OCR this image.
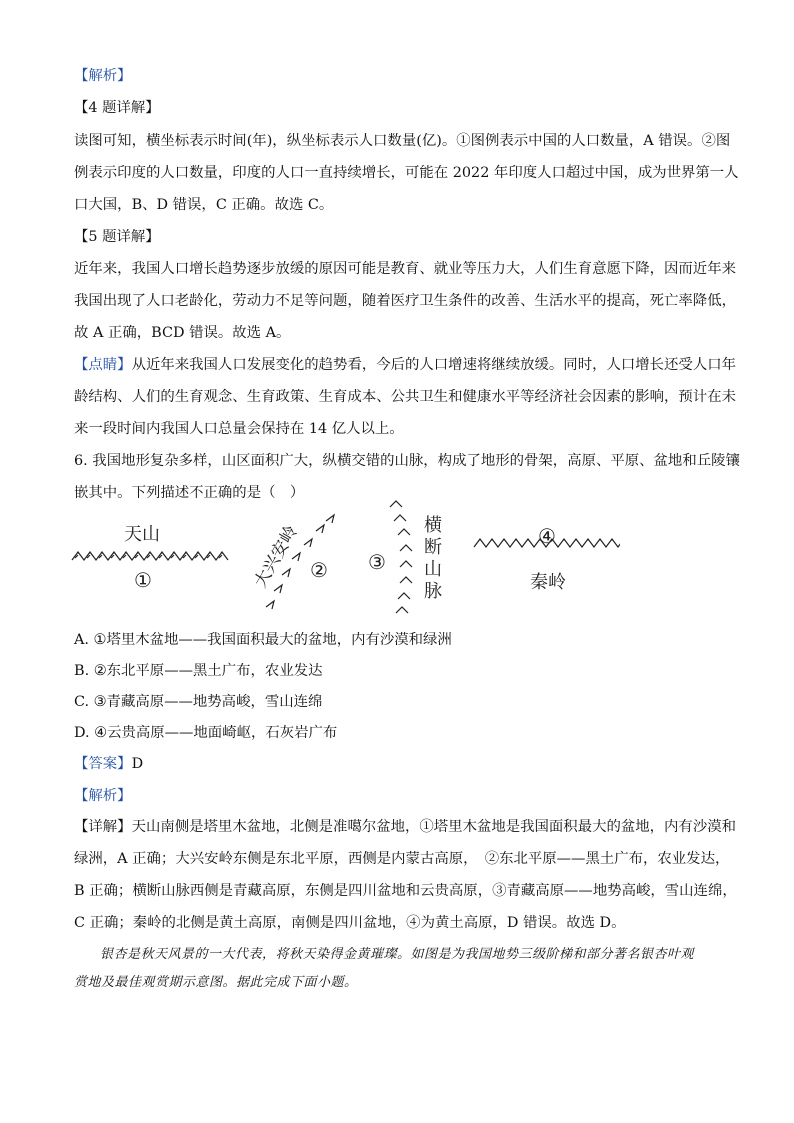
【解析】
【4 题详解】
读图可知，横坐标表示时间(年)，纵坐标表示人口数量(亿)。①图例表示中国的人口数量，A 错误。②图
例表示印度的人口数量，印度的人口一直持续增长，可能在 2022 年印度人口超过中国，成为世界第一人
口大国，B、D 错误，C 正确。故选 C。
【5 题详解】
近年来，我国人口增长趋势逐步放缓的原因可能是教育、就业等压力大，人们生育意愿下降，因而近年来
我国出现了人口老龄化，劳动力不足等问题，随着医疗卫生条件的改善、生活水平的提高，死亡率降低，
故 A 正确，BCD 错误。故选 A。
【点睛】从近年来我国人口发展变化的趋势看，今后的人口增速将继续放缓。同时，人口增长还受人口年
龄结构、人们的生育观念、生育政策、生育成本、公共卫生和健康水平等经济社会因素的影响，预计在未
来一段时间内我国人口总量会保持在 14 亿人以上。
6. 我国地形复杂多样，山区面积广大，纵横交错的山脉，构成了地形的骨架，高原、平原、盆地和丘陵镶
嵌其中。下列描述不正确的是（　）
天山
①	大兴安岭 ②
横
断
山
脉
③
④
秦岭
A. ①塔里木盆地——我国面积最大的盆地，内有沙漠和绿洲
B. ②东北平原——黑土广布，农业发达
C. ③青藏高原——地势高峻，雪山连绵
D. ④云贵高原——地面崎岖，石灰岩广布
【答案】D
【解析】
【详解】天山南侧是塔里木盆地，北侧是准噶尔盆地，①塔里木盆地是我国面积最大的盆地，内有沙漠和
绿洲，A 正确；大兴安岭东侧是东北平原，西侧是内蒙古高原，　②东北平原——黑土广布，农业发达，
B 正确；横断山脉西侧是青藏高原，东侧是四川盆地和云贵高原，③青藏高原——地势高峻，雪山连绵，
C 正确；秦岭的北侧是黄土高原，南侧是四川盆地，④为黄土高原，D 错误。故选 D。
银杏是秋天风景的一大代表，将秋天染得金黄璀璨。如图是为我国地势三级阶梯和部分著名银杏叶观
赏地及最佳观赏期示意图。据此完成下面小题。
